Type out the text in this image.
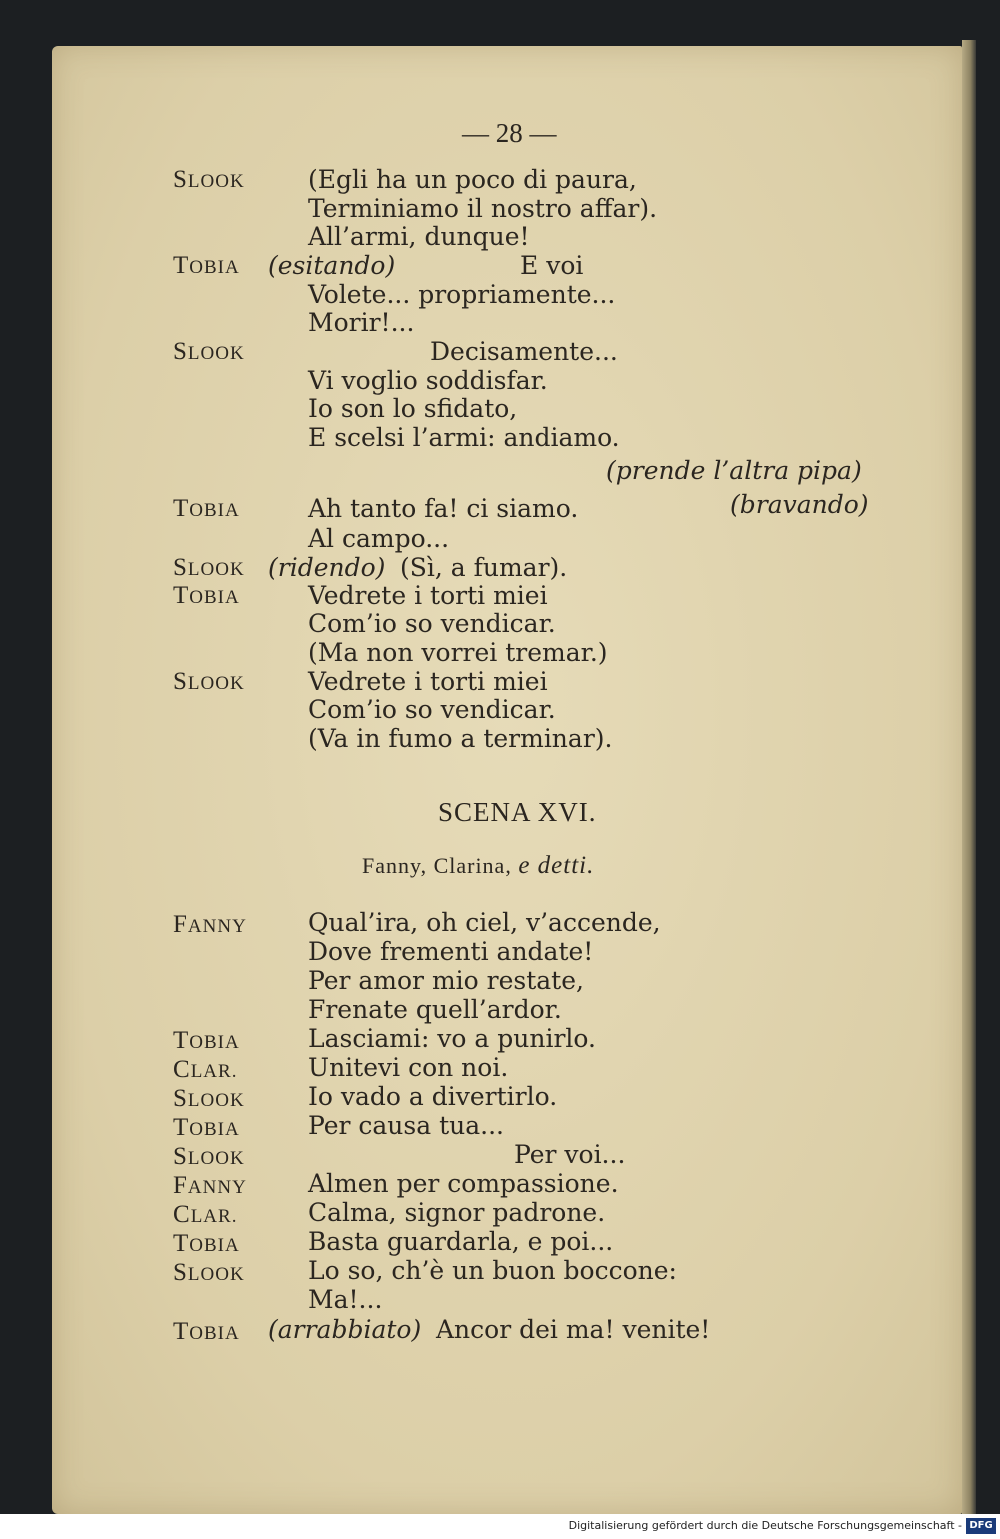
— 28 —
SLOOK	(Egli ha un poco di paura,
Terminiamo il nostro affar).
All’armi, dunque!
TOBIA (esitando)	E voi
Volete... propriamente...
Morir!...
SLOOK	Decisamente...
Vi voglio soddisfar.
Io son lo sfidato,
E scelsi l’armi: andiamo.
(prende l’altra pipa)
TOBIA	Ah tanto fa! ci siamo.	(bravando)
Al campo...
SLOOK (ridendo) (Sì, a fumar).
TOBIA	Vedrete i torti miei
Com’io so vendicar.
(Ma non vorrei tremar.)
SLOOK	Vedrete i torti miei
Com’io so vendicar.
(Va in fumo a terminar).
SCENA XVI.
Fanny, Clarina, e detti.
FANNY Qual’ira, oh ciel, v’accende,
Dove frementi andate!
Per amor mio restate,
Frenate quell’ardor.
TOBIA	Lasciami: vo a punirlo.
CLAR.	Unitevi con noi.
SLOOK	Io vado a divertirlo.
TOBIA	Per causa tua...
SLOOK	Per voi...
FANNY Almen per compassione.
CLAR.	Calma, signor padrone.
TOBIA	Basta guardarla, e poi...
SLOOK	Lo so, ch’è un buon boccone:
Ma!...
TOBIA (arrabbiato) Ancor dei ma! venite!
Digitalisierung gefördert durch die Deutsche Forschungsgemeinschaft - DFG
